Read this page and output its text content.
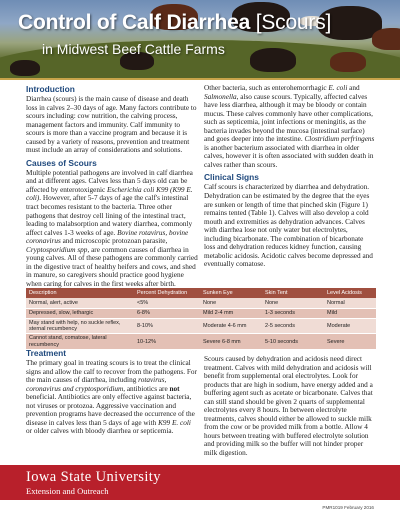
Control of Calf Diarrhea [Scours]
in Midwest Beef Cattle Farms
Introduction

Diarrhea (scours) is the main cause of disease and death loss in calves 2–30 days of age. Many factors contribute to scours including: cow nutrition, the calving process, management factors and immunity. Calf immunity to scours is more than a vaccine program and because it is caused by a variety of reasons, prevention and treatment must include an array of considerations and solutions.

Causes of Scours

Multiple potential pathogens are involved in calf diarrhea and at different ages. Calves less than 5 days old can be affected by enterotoxigenic Escherichia coli K99 (K99 E. coli). However, after 5-7 days of age the calf's intestinal tract becomes resistant to the bacteria. Three other pathogens that destroy cell lining of the intestinal tract, leading to malabsorption and watery diarrhea, commonly affect calves 1-3 weeks of age. Bovine rotavirus, bovine coronavirus and microscopic protozoan parasite, Cryptosporidium spp, are common causes of diarrhea in young calves. All of these pathogens are commonly carried in the digestive tract of healthy heifers and cows, and shed in manure, so caregivers should practice good hygiene when caring for calves in the first weeks after birth.

Other bacteria, such as enterohemorrhagic E. coli and Salmonella, also cause scours. Typically, affected calves have less diarrhea, although it may be bloody or contain mucus. These calves commonly have other complications, such as septicemia, joint infections or meningitis, as the bacteria invades beyond the mucosa (intestinal surface) and goes deeper into the intestine. Clostridium perfringens is another bacterium associated with diarrhea in older calves, however it is often associated with sudden death in calves rather than scours.

Clinical Signs

Calf scours is characterized by diarrhea and dehydration. Dehydration can be estimated by the degree that the eyes are sunken or length of time that pinched skin (Figure 1) remains tented (Table 1). Calves will also develop a cold mouth and extremities as dehydration advances. Calves with diarrhea lose not only water but electrolytes, including bicarbonate. The combination of bicarbonate loss and dehydration reduces kidney function, causing metabolic acidosis. Acidotic calves become depressed and eventually comatose.

Description	Percent Dehydration	Sunken Eye	Skin Tent	Level Acidosis
Normal, alert, active	<5%	None	None	Normal
Depressed, slow, lethargic	6-8%	Mild 2-4 mm	1-3 seconds	Mild
May stand with help, no suckle reflex, sternal recumbency	8-10%	Moderate 4-6 mm	2-5 seconds	Moderate
Cannot stand, comatose, lateral recumbency	10-12%	Severe 6-8 mm	5-10 seconds	Severe
Treatment

The primary goal in treating scours is to treat the clinical signs and allow the calf to recover from the pathogens. For the main causes of diarrhea, including rotavirus, coronavirus and cryptosporidium, antibiotics are not beneficial. Antibiotics are only effective against bacteria, not viruses or protozoa. Aggressive vaccination and prevention programs have decreased the occurrence of the disease in calves less than 5 days of age with K99 E. coli or older calves with bloody diarrhea or septicemia.

Scours caused by dehydration and acidosis need direct treatment. Calves with mild dehydration and acidosis will benefit from supplemental oral electrolytes. Look for products that are high in sodium, have energy added and a buffering agent such as acetate or bicarbonate. Calves that can still stand should be given 2 quarts of supplemental electrolytes every 8 hours. In between electrolyte treatments, calves should either be allowed to suckle milk from the cow or be provided milk from a bottle. Allow 4 hours between treating with buffered electrolyte solution and providing milk so the buffer will not hinder proper milk digestion.

Iowa State University
Extension and Outreach
PMR1019 February 2016
